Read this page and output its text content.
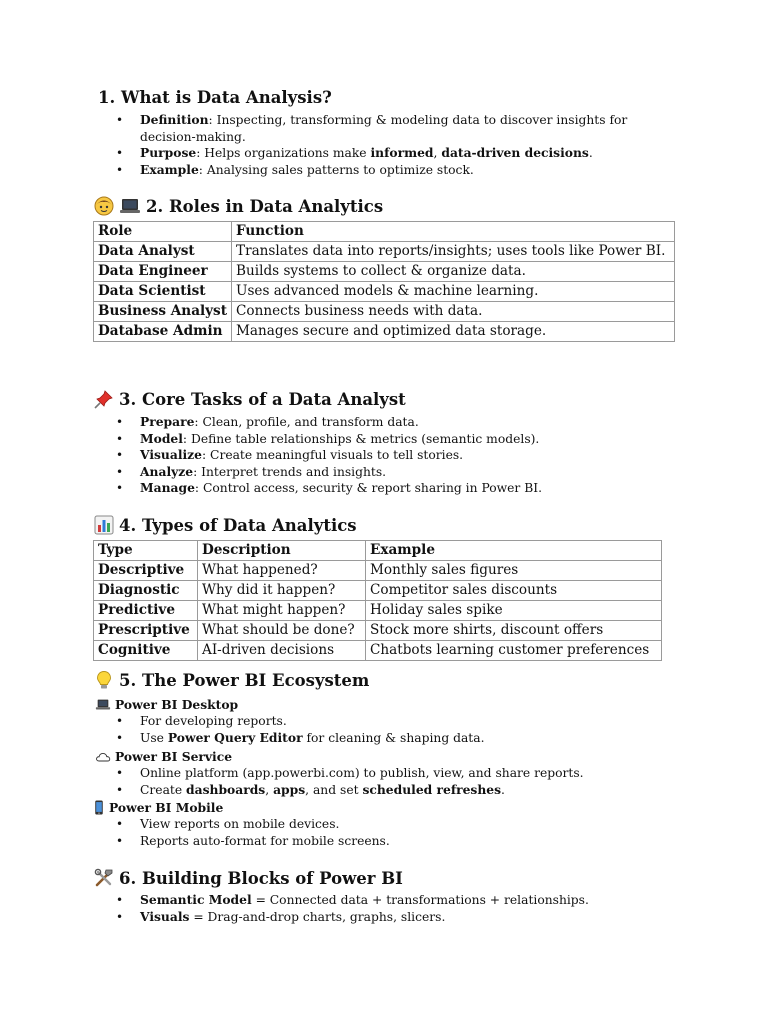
1. What is Data Analysis?
• Definition: Inspecting, transforming & modeling data to discover insights for decision-making.
• Purpose: Helps organizations make informed, data-driven decisions.
• Example: Analysing sales patterns to optimize stock.
2. Roles in Data Analytics
Role	Function
Data Analyst	Translates data into reports/insights; uses tools like Power BI.
Data Engineer	Builds systems to collect & organize data.
Data Scientist	Uses advanced models & machine learning.
Business Analyst	Connects business needs with data.
Database Admin	Manages secure and optimized data storage.
3. Core Tasks of a Data Analyst
• Prepare: Clean, profile, and transform data.
• Model: Define table relationships & metrics (semantic models).
• Visualize: Create meaningful visuals to tell stories.
• Analyze: Interpret trends and insights.
• Manage: Control access, security & report sharing in Power BI.
4. Types of Data Analytics
Type	Description	Example
Descriptive	What happened?	Monthly sales figures
Diagnostic	Why did it happen?	Competitor sales discounts
Predictive	What might happen?	Holiday sales spike
Prescriptive	What should be done?	Stock more shirts, discount offers
Cognitive	AI-driven decisions	Chatbots learning customer preferences
5. The Power BI Ecosystem
Power BI Desktop
• For developing reports.
• Use Power Query Editor for cleaning & shaping data.
Power BI Service
• Online platform (app.powerbi.com) to publish, view, and share reports.
• Create dashboards, apps, and set scheduled refreshes.
Power BI Mobile
• View reports on mobile devices.
• Reports auto-format for mobile screens.
6. Building Blocks of Power BI
• Semantic Model = Connected data + transformations + relationships.
• Visuals = Drag-and-drop charts, graphs, slicers.
